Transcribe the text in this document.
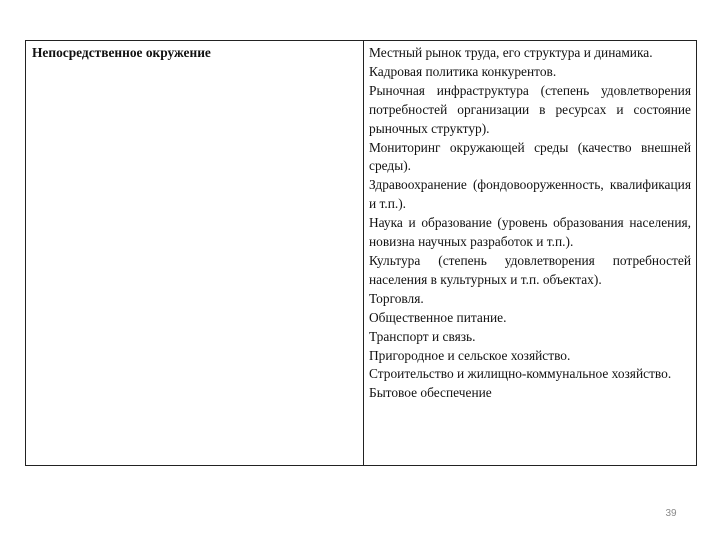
Непосредственное окружение	Местный рынок труда, его структура и динамика.
Кадровая политика конкурентов.
Рыночная инфраструктура (степень удовлетворения потребностей организации в ресурсах и состояние рыночных структур).
Мониторинг окружающей среды (качество внешней среды).
Здравоохранение (фондовооруженность, квалификация и т.п.).
Наука и образование (уровень образования населения, новизна научных разработок и т.п.).
Культура (степень удовлетворения потребностей населения в культурных и т.п. объектах).
Торговля.
Общественное питание.
Транспорт и связь.
Пригородное и сельское хозяйство.
Строительство и жилищно-коммунальное хозяйство.
Бытовое обеспечение
39
